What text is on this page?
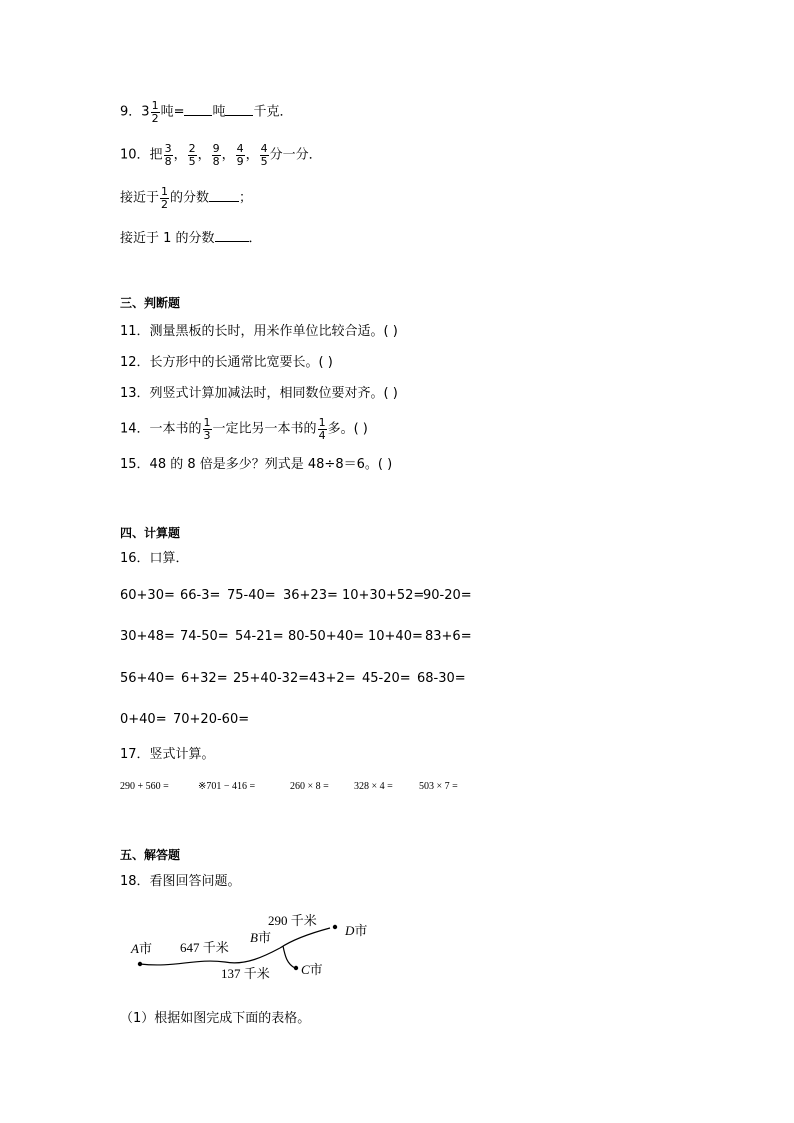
9．$3 \frac{1}{2}$ 吨= 吨 千克．
10．把 $\frac{3}{8}$ ， $\frac{2}{5}$ ， $\frac{9}{8}$ ， $\frac{4}{9}$ ， $\frac{4}{5}$ 分一分．
接近于 $\frac{1}{2}$ 的分数 ；
接近于 1 的分数	．
三、判断题
11．测量黑板的长时，用米作单位比较合适。( )
12．长方形中的长通常比宽要长。( )
13．列竖式计算加减法时，相同数位要对齐。( )
14．一本书的 $\frac{1}{3}$ 一定比另一本书的 $\frac{1}{4}$ 多。( )
15．48 的 8 倍是多少？列式是 48÷8＝6。( )
四、计算题
16．口算．
60+30= 66-3= 75-40= 36+23= 10+30+52=
90-20=
30+48= 74-50= 54-21= 80-50+40= 10+40= 83+6=
56+40= 6+32= 25+40-32= 43+2= 45-20= 68-30=
0+40= 70+20-60=
17．竖式计算。
290 + 560 =	※701 − 416 =	260 × 8 =	328 × 4 =	503 × 7 =
五、解答题
18．看图回答问题。
A市
B市	D市
C市
647 千米
290 千米
137 千米
（1）根据如图完成下面的表格。
